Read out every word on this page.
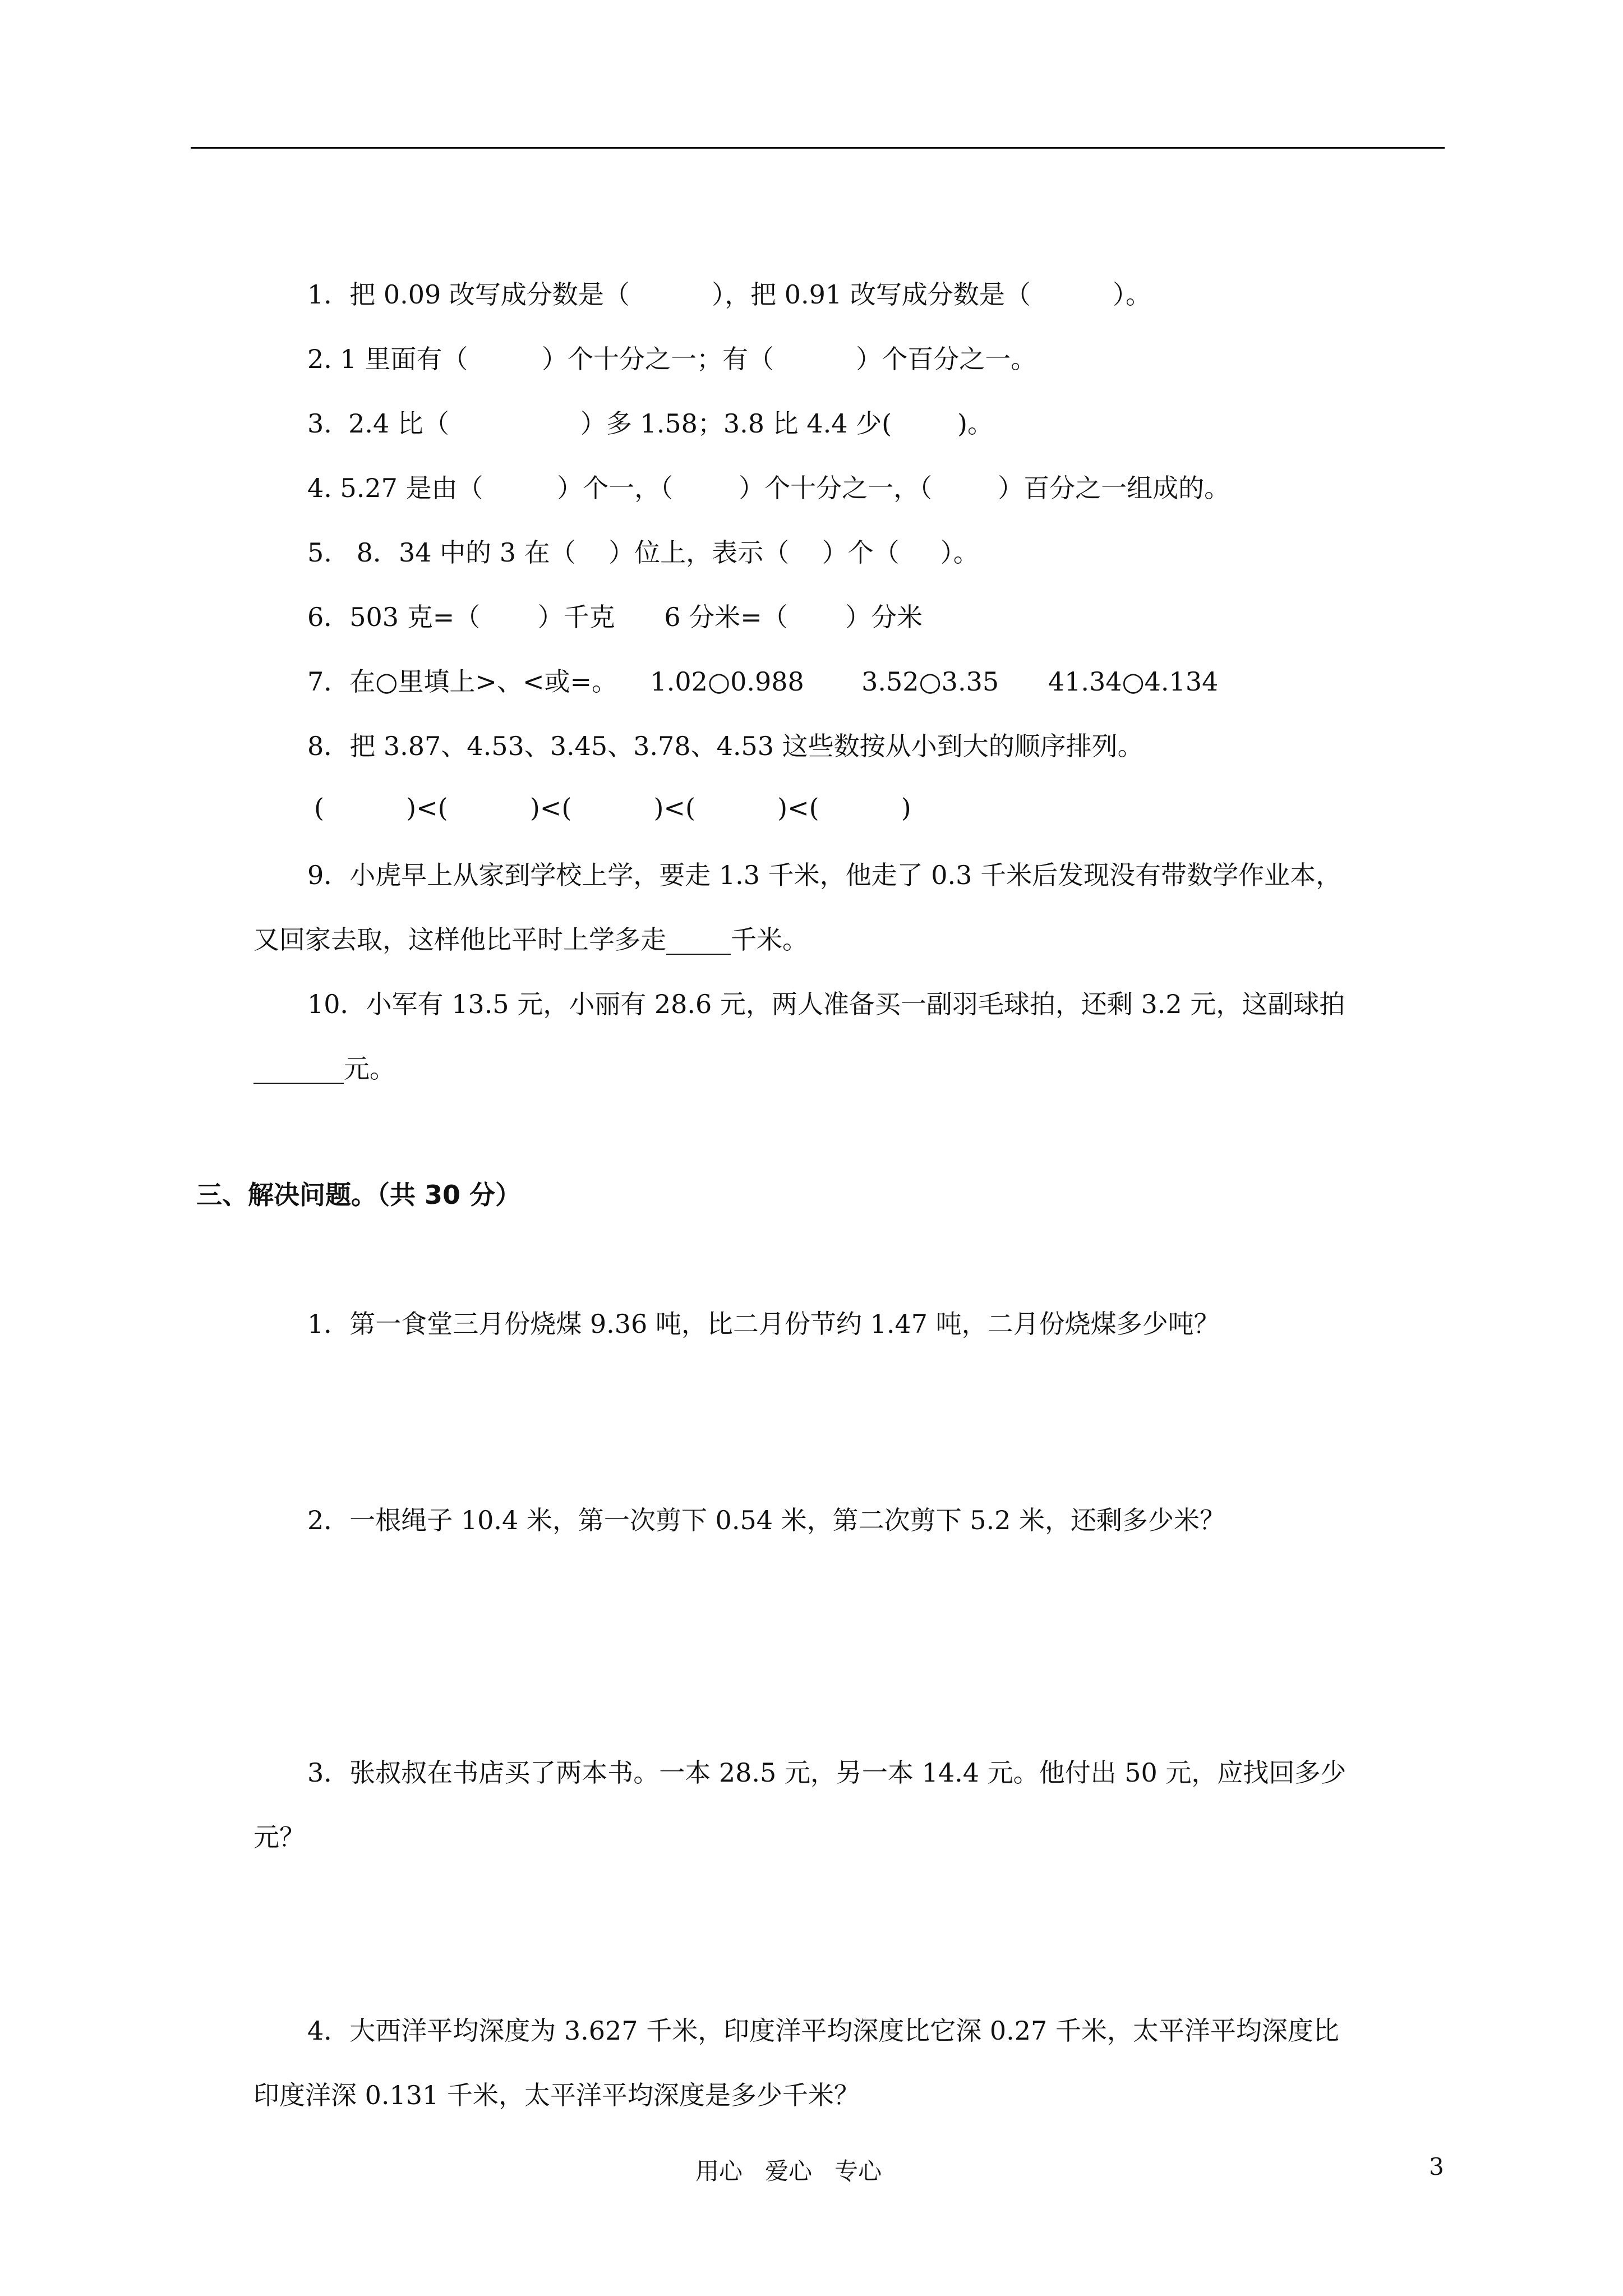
1．把 0.09 改写成分数是（          ），把 0.91 改写成分数是（          ）。
2. 1 里面有（         ）个十分之一；有（          ）个百分之一。
3.  2.4 比（                ）多 1.58；3.8 比 4.4 少(        )。
4. 5.27 是由（         ）个一，（        ）个十分之一，（        ）百分之一组成的。
5.   8．34 中的 3 在（    ）位上，表示（    ）个（     ）。
6．503 克=（       ）千克      6 分米=（       ）分米
7．在○里填上>、<或=。    1.02○0.988       3.52○3.35      41.34○4.134
8．把 3.87、4.53、3.45、3.78、4.53 这些数按从小到大的顺序排列。
(          )<(          )<(          )<(          )<(          )
9．小虎早上从家到学校上学，要走 1.3 千米，他走了 0.3 千米后发现没有带数学作业本，
又回家去取，这样他比平时上学多走_____千米。
10．小军有 13.5 元，小丽有 28.6 元，两人准备买一副羽毛球拍，还剩 3.2 元，这副球拍
_______元。
三、解决问题。（共 30 分）
1．第一食堂三月份烧煤 9.36 吨，比二月份节约 1.47 吨，二月份烧煤多少吨？
2．一根绳子 10.4 米，第一次剪下 0.54 米，第二次剪下 5.2 米，还剩多少米？
3．张叔叔在书店买了两本书。一本 28.5 元，另一本 14.4 元。他付出 50 元，应找回多少
元？
4．大西洋平均深度为 3.627 千米，印度洋平均深度比它深 0.27 千米，太平洋平均深度比
印度洋深 0.131 千米，太平洋平均深度是多少千米？
用心   爱心   专心	3
